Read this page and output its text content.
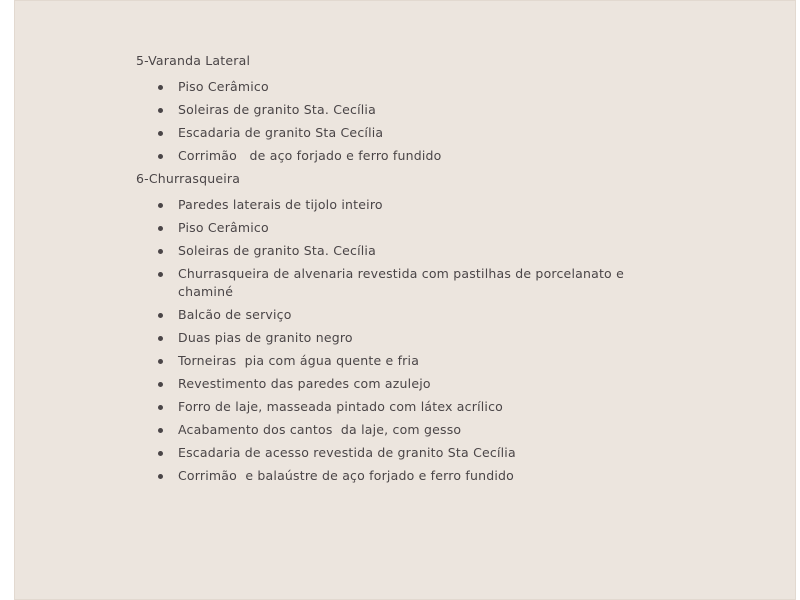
5-Varanda Lateral
Piso Cerâmico
Soleiras de granito Sta. Cecília
Escadaria de granito Sta Cecília
Corrimão   de aço forjado e ferro fundido
6-Churrasqueira
Paredes laterais de tijolo inteiro
Piso Cerâmico
Soleiras de granito Sta. Cecília
Churrasqueira de alvenaria revestida com pastilhas de porcelanato e chaminé
Balcão de serviço
Duas pias de granito negro
Torneiras  pia com água quente e fria
Revestimento das paredes com azulejo
Forro de laje, masseada pintado com látex acrílico
Acabamento dos cantos  da laje, com gesso
Escadaria de acesso revestida de granito Sta Cecília
Corrimão  e balaústre de aço forjado e ferro fundido
